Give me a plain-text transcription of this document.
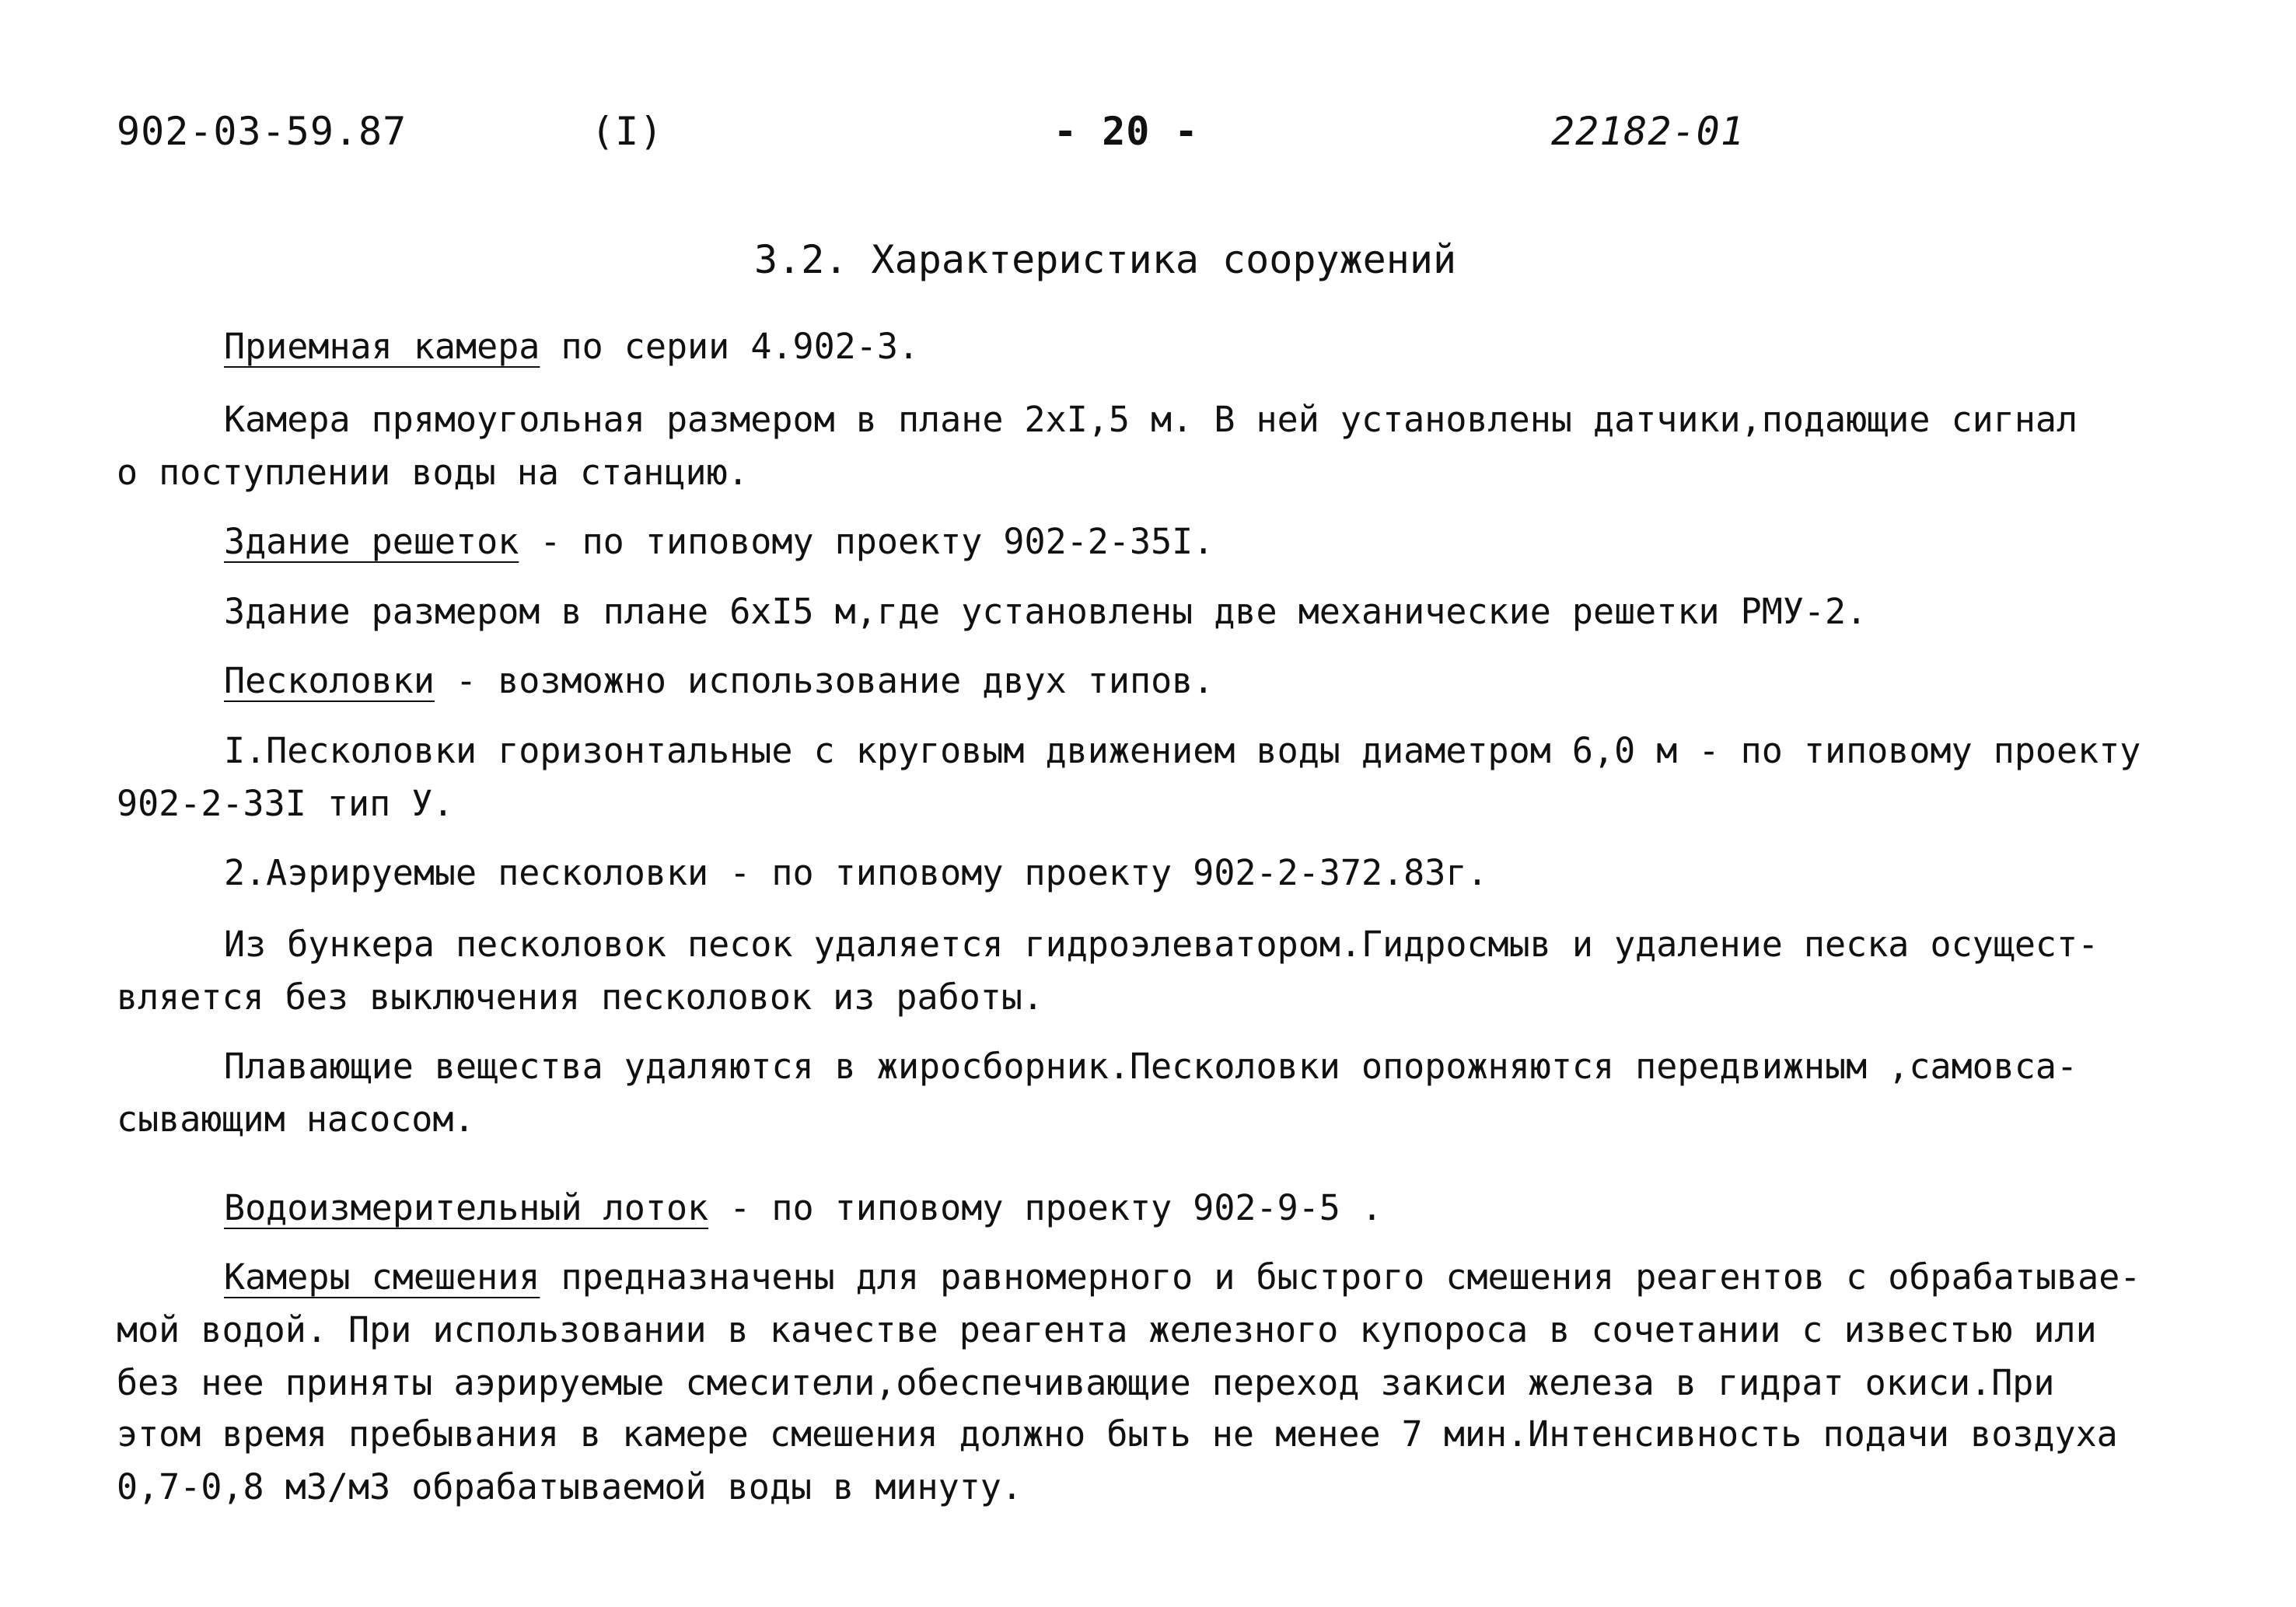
902-03-59.87	(I)	- 20 -	22182-01
3.2. Характеристика сооружений
Приемная камера по серии 4.902-3.
Камера прямоугольная размером в плане 2хI,5 м. В ней установлены датчики,подающие сигнал
о поступлении воды на станцию.
Здание решеток - по типовому проекту 902-2-35I.
Здание размером в плане 6хI5 м,где установлены две механические решетки РМУ-2.
Песколовки - возможно использование двух типов.
I.Песколовки горизонтальные с круговым движением воды диаметром 6,0 м - по типовому проекту
902-2-33I тип У.
2.Аэрируемые песколовки - по типовому проекту 902-2-372.83г.
Из бункера песколовок песок удаляется гидроэлеватором.Гидросмыв и удаление песка осущест-
вляется без выключения песколовок из работы.
Плавающие вещества удаляются в жиросборник.Песколовки опорожняются передвижным ,самовса-
сывающим насосом.
Водоизмерительный лоток - по типовому проекту 902-9-5 .
Камеры смешения предназначены для равномерного и быстрого смешения реагентов с обрабатывае-
мой водой. При использовании в качестве реагента железного купороса в сочетании с известью или
без нее приняты аэрируемые смесители,обеспечивающие переход закиси железа в гидрат окиси.При
этом время пребывания в камере смешения должно быть не менее 7 мин.Интенсивность подачи воздуха
0,7-0,8 м3/м3 обрабатываемой воды в минуту.
